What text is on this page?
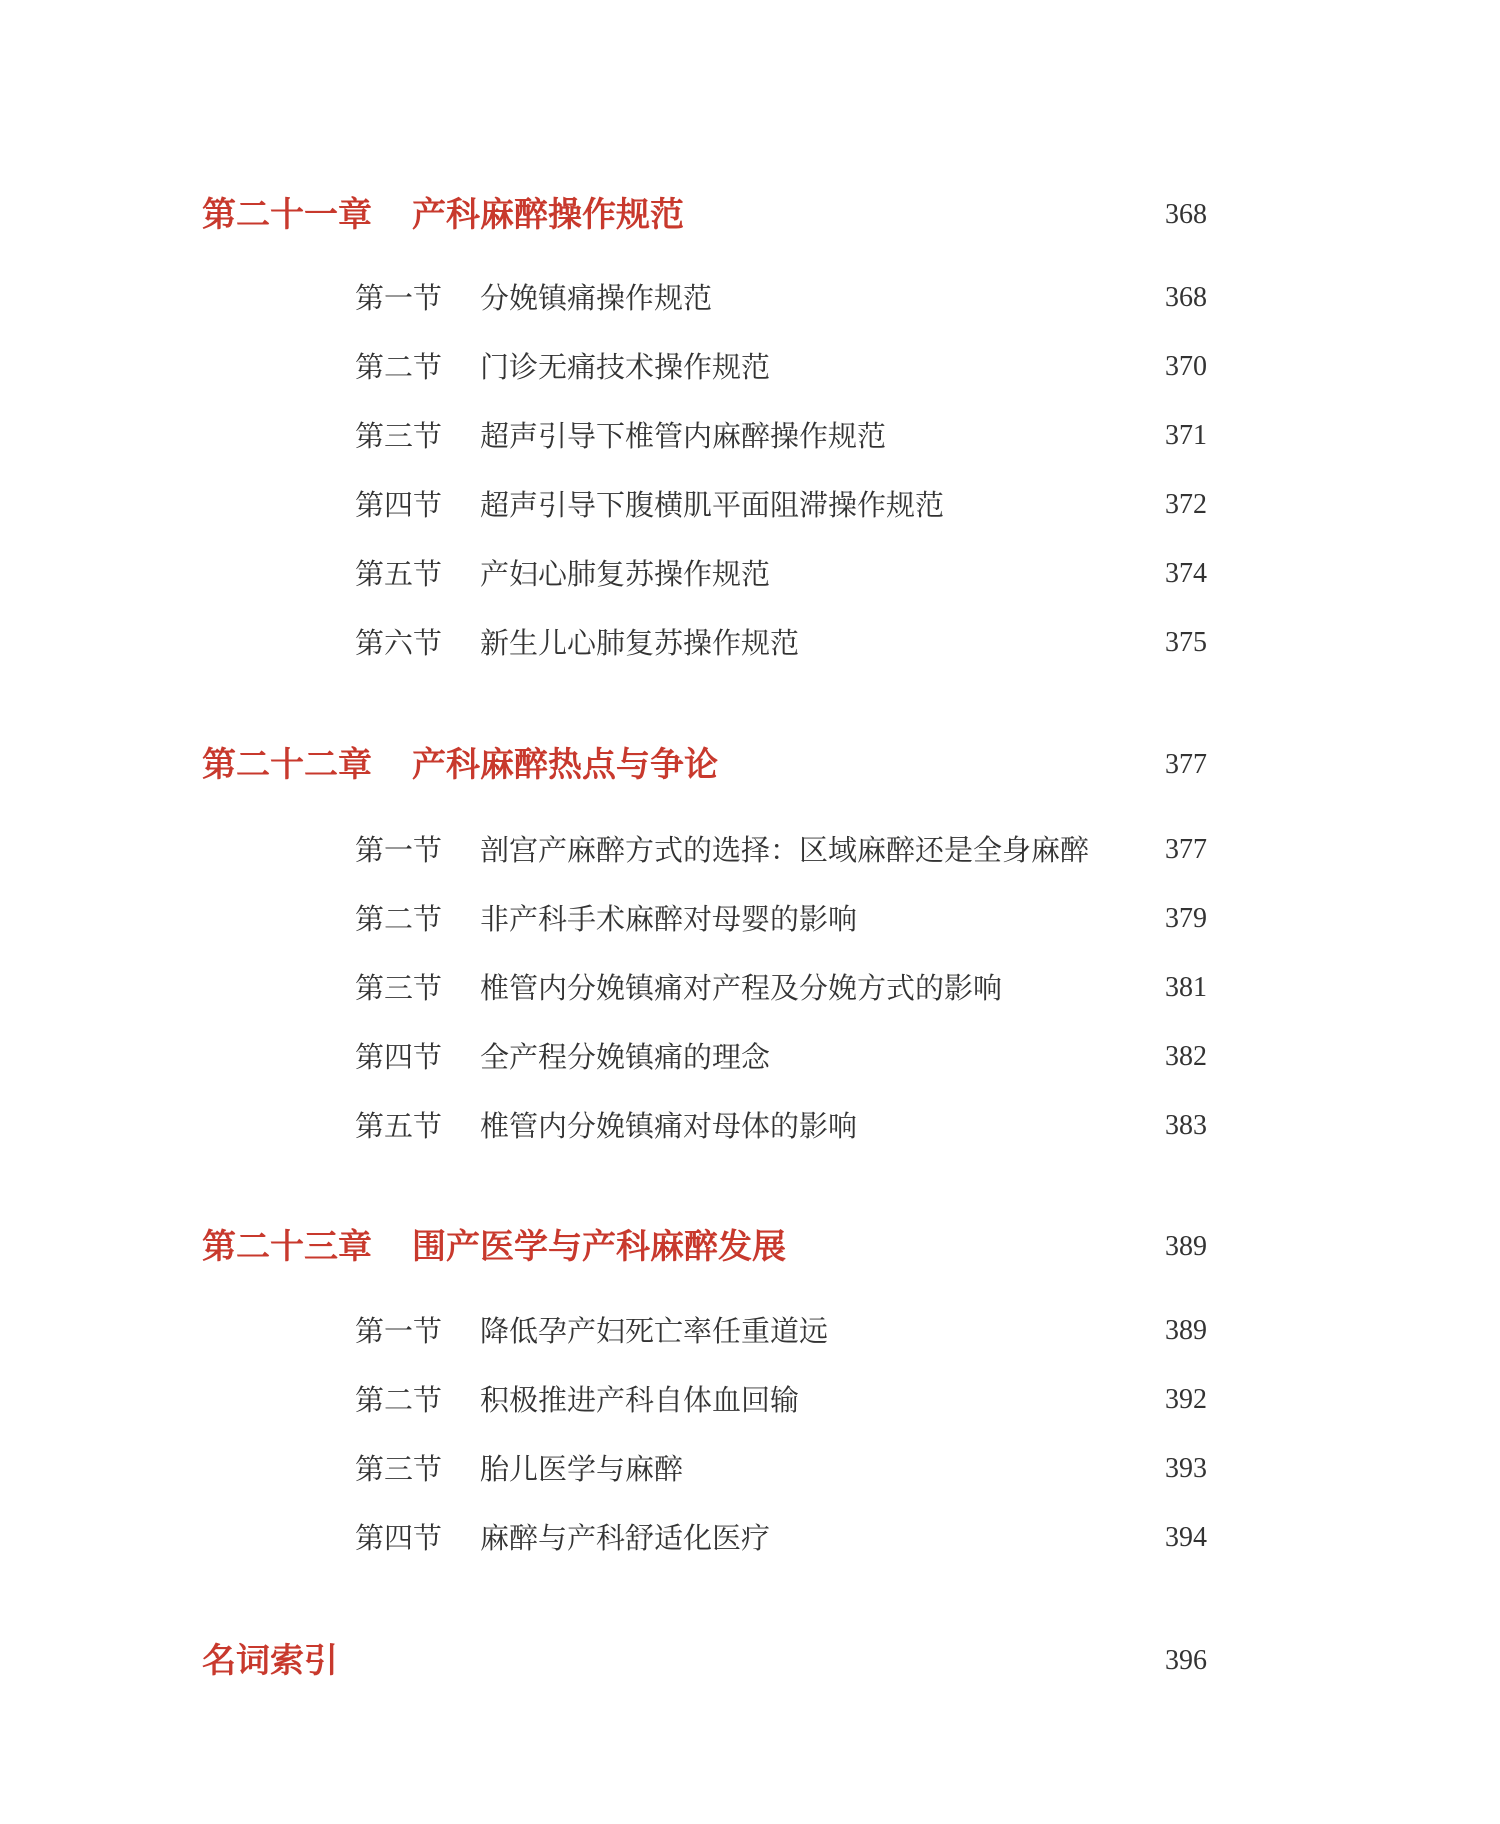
第二十一章 产科麻醉操作规范	368
第一节 分娩镇痛操作规范	368
第二节 门诊无痛技术操作规范	370
第三节 超声引导下椎管内麻醉操作规范	371
第四节 超声引导下腹横肌平面阻滞操作规范	372
第五节 产妇心肺复苏操作规范	374
第六节 新生儿心肺复苏操作规范	375
第二十二章 产科麻醉热点与争论	377
第一节 剖宫产麻醉方式的选择：区域麻醉还是全身麻醉	377
第二节 非产科手术麻醉对母婴的影响	379
第三节 椎管内分娩镇痛对产程及分娩方式的影响	381
第四节 全产程分娩镇痛的理念	382
第五节 椎管内分娩镇痛对母体的影响	383
第二十三章 围产医学与产科麻醉发展	389
第一节 降低孕产妇死亡率任重道远	389
第二节 积极推进产科自体血回输	392
第三节 胎儿医学与麻醉	393
第四节 麻醉与产科舒适化医疗	394
名词索引	396
